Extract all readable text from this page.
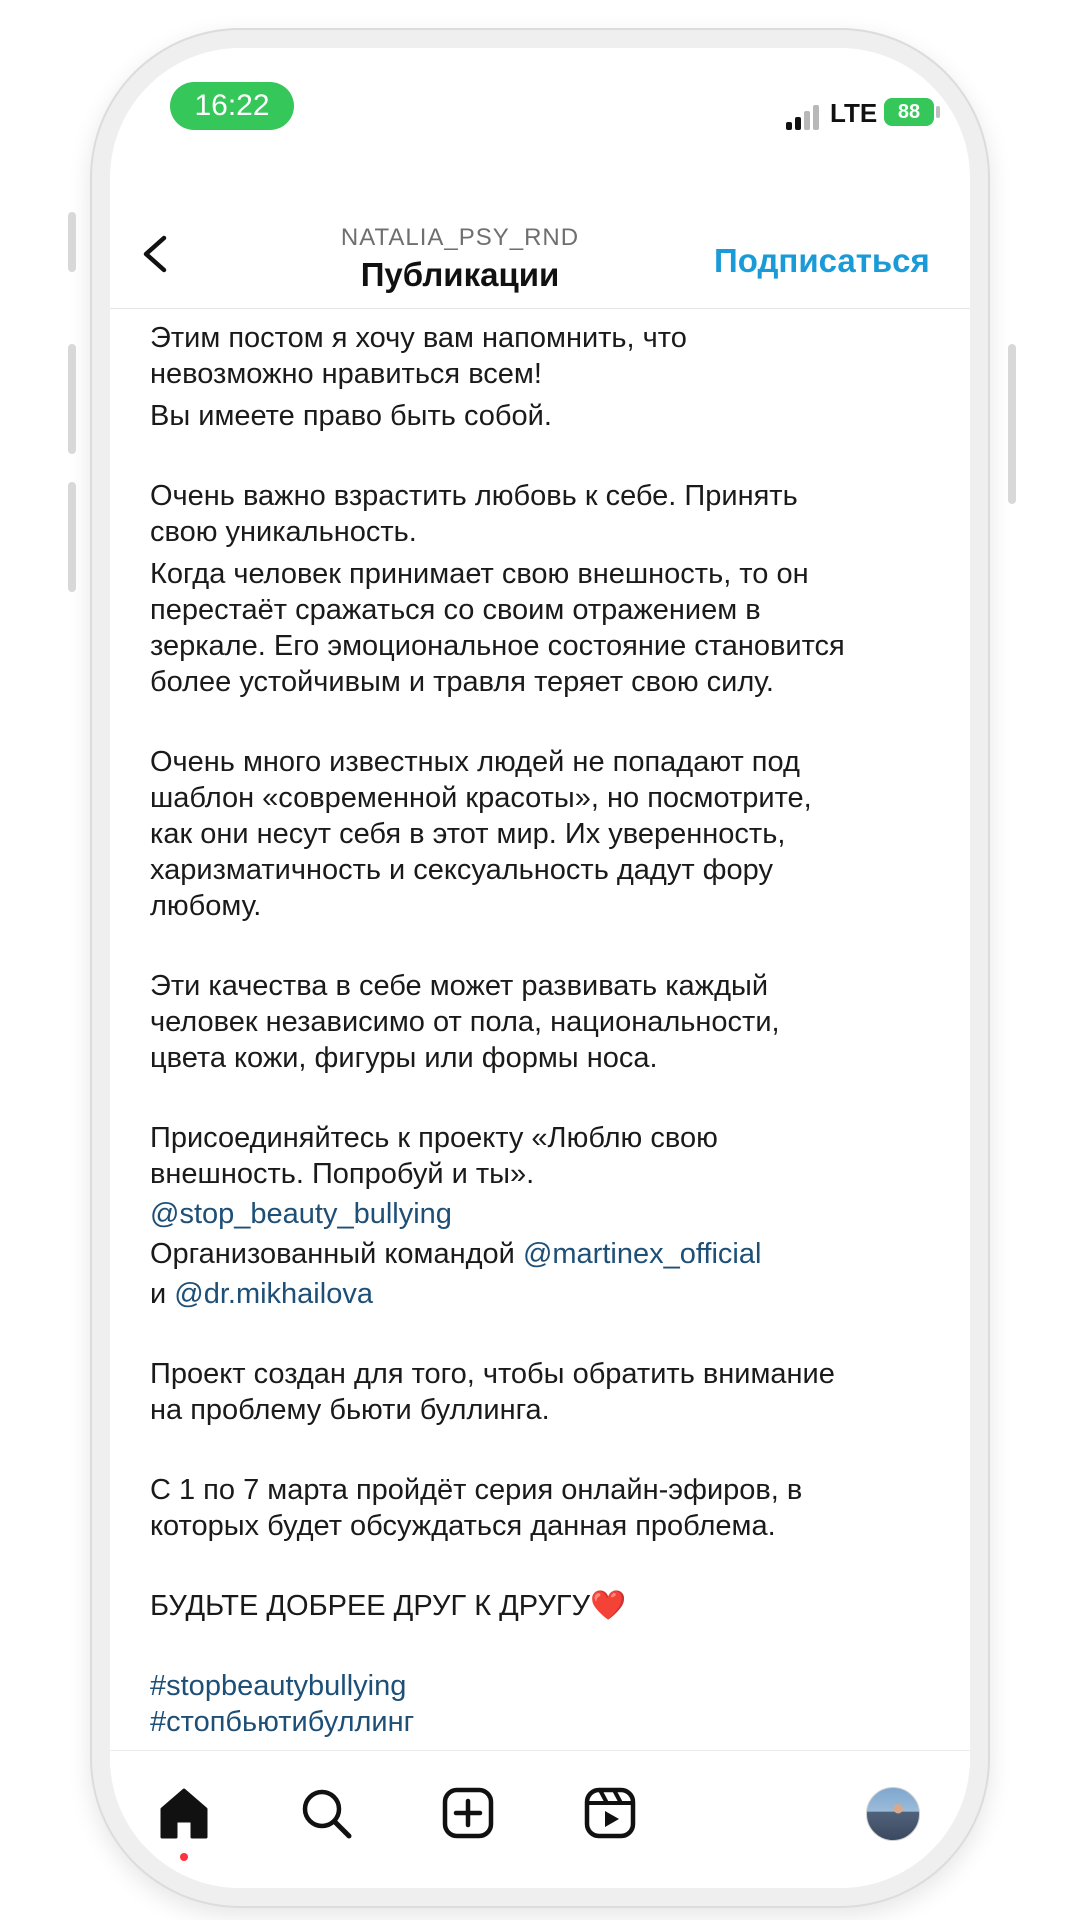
16:22	LTE 88
NATALIA_PSY_RND
Публикации	Подписаться

Этим постом я хочу вам напомнить, что
невозможно нравиться всем!
Вы имеете право быть собой.

Очень важно взрастить любовь к себе. Принять
свою уникальность.
Когда человек принимает свою внешность, то он
перестаёт сражаться со своим отражением в
зеркале. Его эмоциональное состояние становится
более устойчивым и травля теряет свою силу.

Очень много известных людей не попадают под
шаблон «современной красоты», но посмотрите,
как они несут себя в этот мир. Их уверенность,
харизматичность и сексуальность дадут фору
любому.

Эти качества в себе может развивать каждый
человек независимо от пола, национальности,
цвета кожи, фигуры или формы носа.

Присоединяйтесь к проекту «Люблю свою
внешность. Попробуй и ты».
@stop_beauty_bullying
Организованный командой @martinex_official
и @dr.mikhailova

Проект создан для того, чтобы обратить внимание
на проблему бьюти буллинга.

С 1 по 7 марта пройдёт серия онлайн-эфиров, в
которых будет обсуждаться данная проблема.

БУДЬТЕ ДОБРЕЕ ДРУГ К ДРУГУ❤️

#stopbeautybullying
#стопбьютибуллинг
